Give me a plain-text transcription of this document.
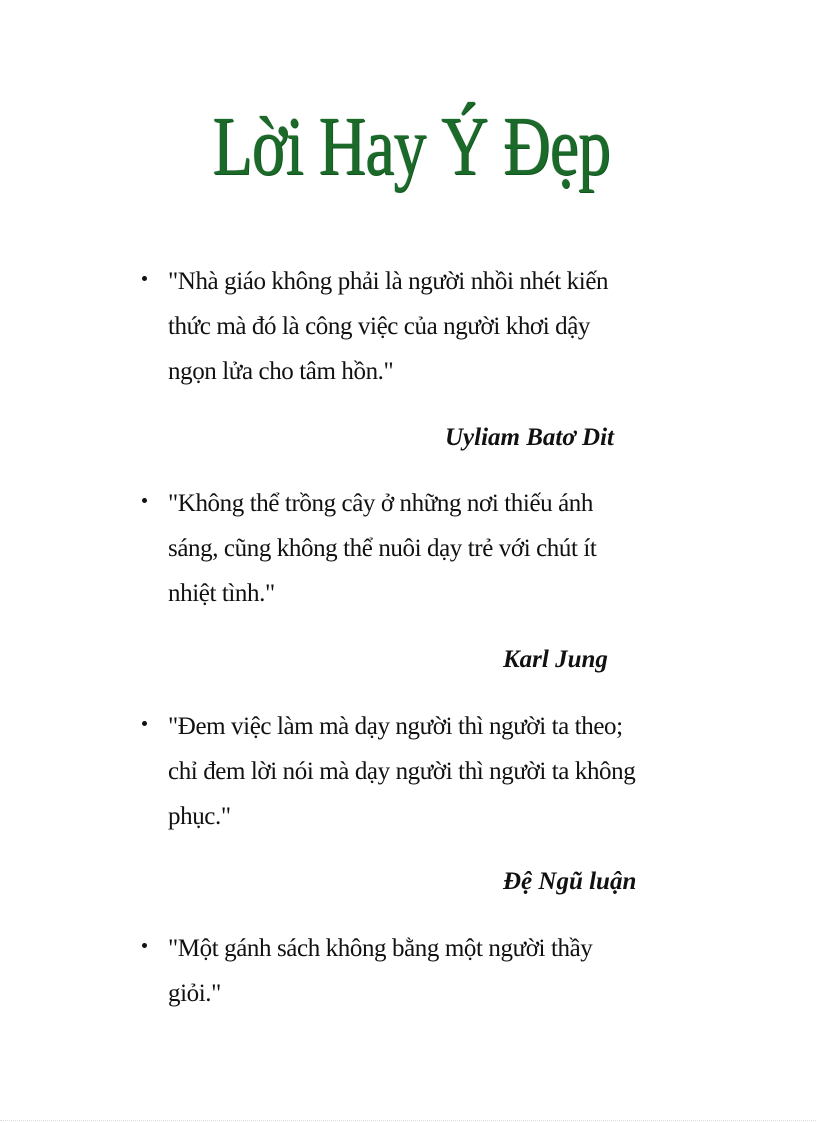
Lời Hay Ý Đẹp
"Nhà giáo không phải là người nhồi nhét kiến
thức mà đó là công việc của người khơi dậy
ngọn lửa cho tâm hồn."
Uyliam Batơ Dit
"Không thể trồng cây ở những nơi thiếu ánh
sáng, cũng không thể nuôi dạy trẻ với chút ít
nhiệt tình."
Karl Jung
"Đem việc làm mà dạy người thì người ta theo;
chỉ đem lời nói mà dạy người thì người ta không
phục."
Đệ Ngũ luận
"Một gánh sách không bằng một người thầy
giỏi."
